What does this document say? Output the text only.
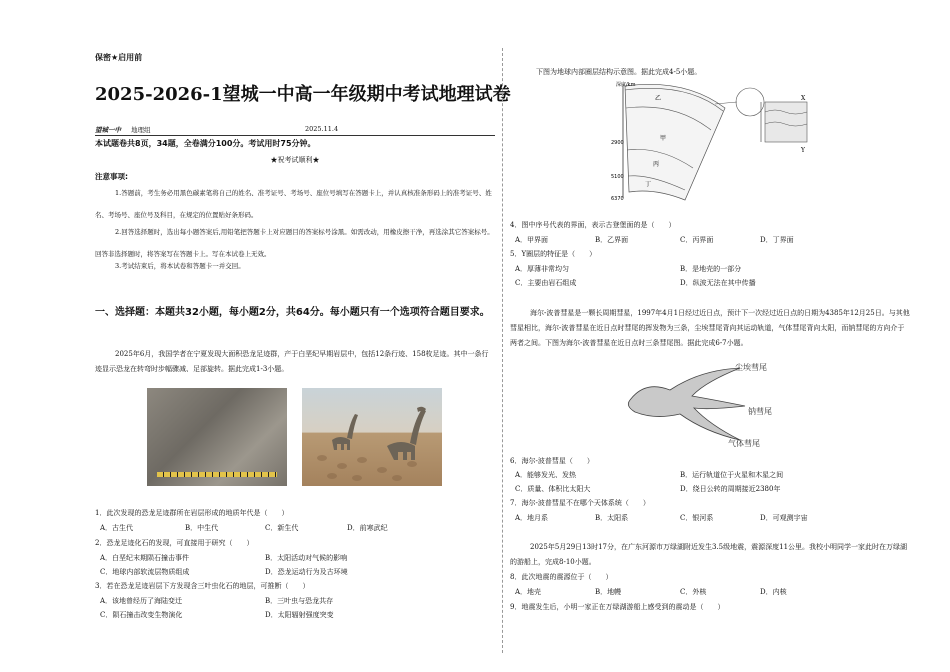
保密★启用前
2025-2026-1望城一中高一年级期中考试地理试卷
望城一中 地理组	2025.11.4
本试题卷共8页，34题，全卷满分100分。考试用时75分钟。
★祝考试顺利★
注意事项:
1.答题前，考生务必用黑色碳素笔将自己的姓名、准考证号、考场号、座位号填写在答题卡上，并认真核准条形码上的准考证号、姓名、考场号、座位号及科目，在规定的位置贴好条形码。
2.回答选择题时，选出每小题答案后,用铅笔把答题卡上对应题目的答案标号涂黑。如需改动，用橡皮擦干净，再选涂其它答案标号。回答非选择题时，将答案写在答题卡上。写在本试卷上无效。
3.考试结束后，将本试卷和答题卡一并交回。
一、选择题：本题共32小题，每小题2分，共64分。每小题只有一个选项符合题目要求。
2025年6月，我国学者在宁夏发现大面积恐龙足迹群，产于白垩纪早期岩层中，包括12条行迹、158枚足迹。其中一条行迹显示恐龙在转弯时步幅骤减、足部旋转。据此完成1-3小题。
1．此次发现的恐龙足迹群所在岩层形成的地质年代是（　　）
A．古生代	B．中生代	C．新生代	D．前寒武纪
2．恐龙足迹化石的发现，可直接用于研究（　　）
A．白垩纪末期陨石撞击事件	B．太阳活动对气候的影响
C．地球内部软流层物质组成	D．恐龙运动行为及古环境
3．若在恐龙足迹岩层下方发现含三叶虫化石的地层，可推断（　　）
A．该地曾经历了海陆变迁	B．三叶虫与恐龙共存
C．陨石撞击改变生物演化	D．太阳辐射强度突变
下图为地球内部圈层结构示意图。据此完成4-5小题。
深度/km
2900
5100
6370
乙
甲
丙
丁
X
Y
4．图中序号代表的界面，表示古登堡面的是（　　）
A．甲界面	B．乙界面	C．丙界面	D．丁界面
5．Y圈层的特征是（　　）
A．厚薄非常均匀	B．是地壳的一部分
C．主要由岩石组成	D．纵波无法在其中传播
海尔-波普彗星是一颗长周期彗星，1997年4月1日经过近日点，预计下一次经过近日点的日期为4385年12月25日。与其他彗星相比，海尔-波普彗星在近日点时彗尾的挥发物为三条，尘埃彗尾背向其运动轨道，气体彗尾背向太阳，而钠彗尾的方向介于两者之间。下图为海尔-波普彗星在近日点时三条彗尾图。据此完成6-7小题。
尘埃彗尾
钠彗尾
气体彗尾
6．海尔-波普彗星（　　）
A．能够发光、发热	B．运行轨道位于火星和木星之间
C．质量、体积比太阳大	D．绕日公转的周期接近2380年
7．海尔-波普彗星不在哪个天体系统（　　）
A．地月系	B．太阳系	C．银河系	D．可观测宇宙
2025年5月29日13时17分，在广东河源市万绿湖附近发生3.5级地震，震源深度11公里。我校小明同学一家此时在万绿湖的游船上，完成8-10小题。
8．此次地震的震源位于（　　）
A．地壳	B．地幔	C．外核	D．内核
9．地震发生后，小明一家正在万绿湖游船上感受到的震动是（　　）
